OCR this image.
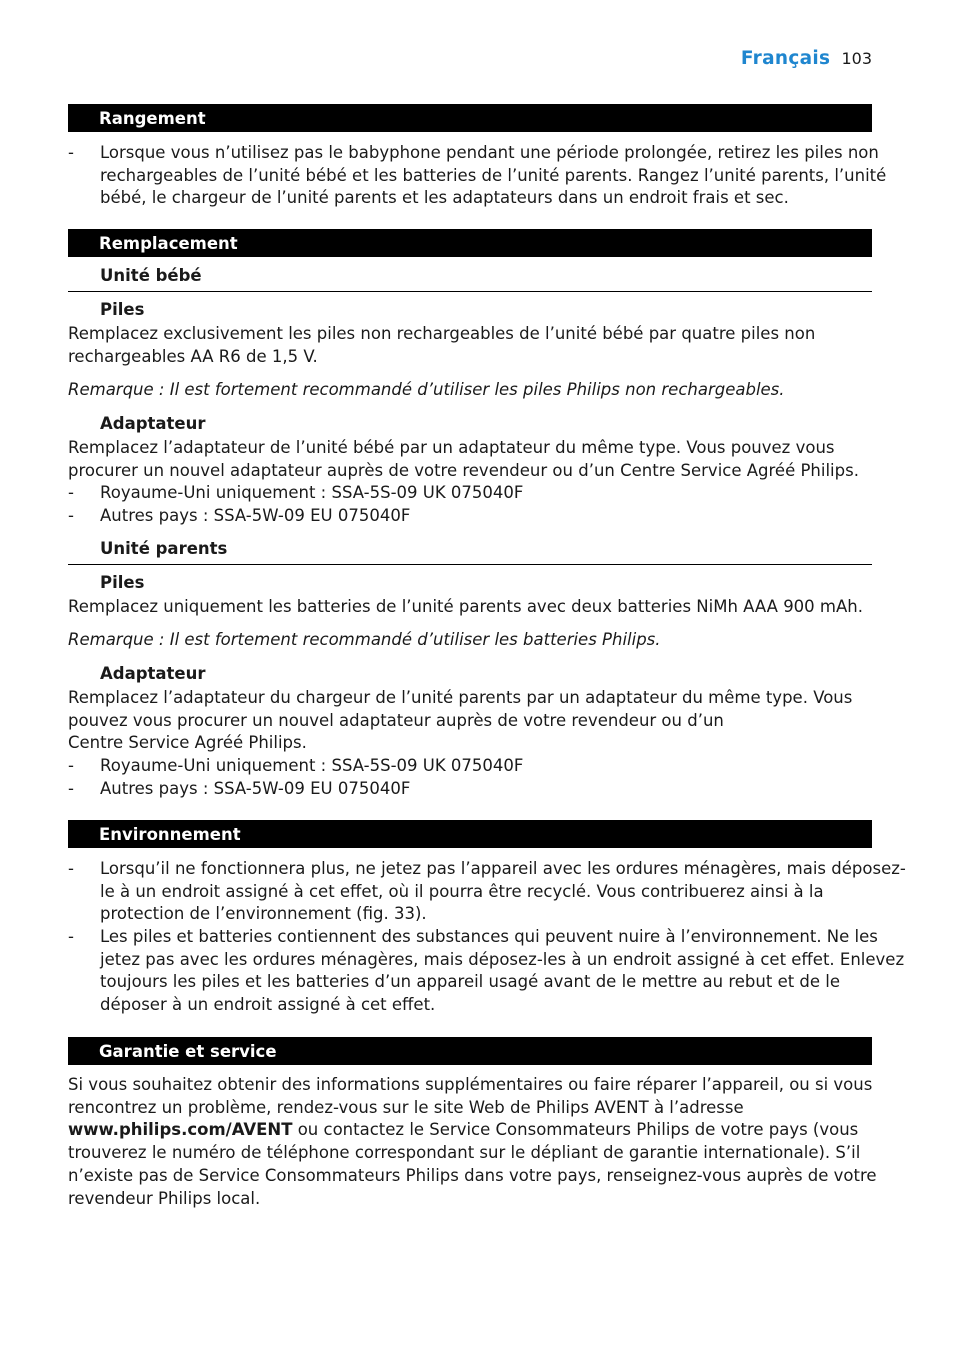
Français 103
Rangement
- Lorsque vous n’utilisez pas le babyphone pendant une période prolongée, retirez les piles non
rechargeables de l’unité bébé et les batteries de l’unité parents. Rangez l’unité parents, l’unité
bébé, le chargeur de l’unité parents et les adaptateurs dans un endroit frais et sec.
Remplacement
Unité bébé
Piles
Remplacez exclusivement les piles non rechargeables de l’unité bébé par quatre piles non
rechargeables AA R6 de 1,5 V.
Remarque : Il est fortement recommandé d’utiliser les piles Philips non rechargeables.
Adaptateur
Remplacez l’adaptateur de l’unité bébé par un adaptateur du même type. Vous pouvez vous
procurer un nouvel adaptateur auprès de votre revendeur ou d’un Centre Service Agréé Philips.
- Royaume-Uni uniquement : SSA-5S-09 UK 075040F
- Autres pays : SSA-5W-09 EU 075040F
Unité parents
Piles
Remplacez uniquement les batteries de l’unité parents avec deux batteries NiMh AAA 900 mAh.
Remarque : Il est fortement recommandé d’utiliser les batteries Philips.
Adaptateur
Remplacez l’adaptateur du chargeur de l’unité parents par un adaptateur du même type. Vous
pouvez vous procurer un nouvel adaptateur auprès de votre revendeur ou d’un
Centre Service Agréé Philips.
- Royaume-Uni uniquement : SSA-5S-09 UK 075040F
- Autres pays : SSA-5W-09 EU 075040F
Environnement
- Lorsqu’il ne fonctionnera plus, ne jetez pas l’appareil avec les ordures ménagères, mais déposez-
le à un endroit assigné à cet effet, où il pourra être recyclé. Vous contribuerez ainsi à la
protection de l’environnement (fig. 33).
- Les piles et batteries contiennent des substances qui peuvent nuire à l’environnement. Ne les
jetez pas avec les ordures ménagères, mais déposez-les à un endroit assigné à cet effet. Enlevez
toujours les piles et les batteries d’un appareil usagé avant de le mettre au rebut et de le
déposer à un endroit assigné à cet effet.
Garantie et service
Si vous souhaitez obtenir des informations supplémentaires ou faire réparer l’appareil, ou si vous
rencontrez un problème, rendez-vous sur le site Web de Philips AVENT à l’adresse
www.philips.com/AVENT ou contactez le Service Consommateurs Philips de votre pays (vous
trouverez le numéro de téléphone correspondant sur le dépliant de garantie internationale). S’il
n’existe pas de Service Consommateurs Philips dans votre pays, renseignez-vous auprès de votre
revendeur Philips local.
